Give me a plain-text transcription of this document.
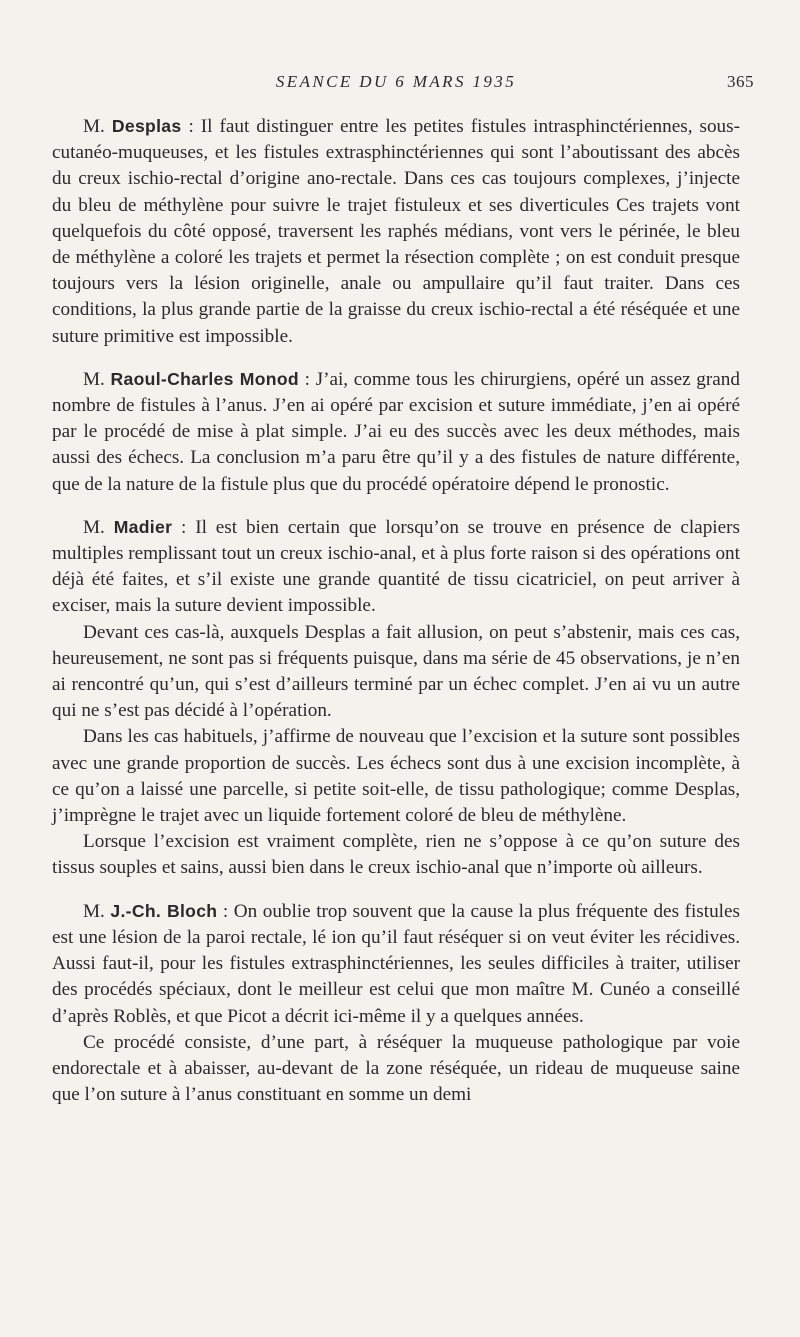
SEANCE DU 6 MARS 1935	365

M. Desplas : Il faut distinguer entre les petites fistules intrasphinctériennes, sous-cutanéo-muqueuses, et les fistules extrasphinctériennes qui sont l’aboutissant des abcès du creux ischio-rectal d’origine ano-rectale. Dans ces cas toujours complexes, j’injecte du bleu de méthylène pour suivre le trajet fistuleux et ses diverticules Ces trajets vont quelquefois du côté opposé, traversent les raphés médians, vont vers le périnée, le bleu de méthylène a coloré les trajets et permet la résection complète ; on est conduit presque toujours vers la lésion originelle, anale ou ampullaire qu’il faut traiter. Dans ces conditions, la plus grande partie de la graisse du creux ischio-rectal a été réséquée et une suture primitive est impossible.

M. Raoul-Charles Monod : J’ai, comme tous les chirurgiens, opéré un assez grand nombre de fistules à l’anus. J’en ai opéré par excision et suture immédiate, j’en ai opéré par le procédé de mise à plat simple. J’ai eu des succès avec les deux méthodes, mais aussi des échecs. La conclusion m’a paru être qu’il y a des fistules de nature différente, que de la nature de la fistule plus que du procédé opératoire dépend le pronostic.

M. Madier : Il est bien certain que lorsqu’on se trouve en présence de clapiers multiples remplissant tout un creux ischio-anal, et à plus forte raison si des opérations ont déjà été faites, et s’il existe une grande quantité de tissu cicatriciel, on peut arriver à exciser, mais la suture devient impossible.

Devant ces cas-là, auxquels Desplas a fait allusion, on peut s’abstenir, mais ces cas, heureusement, ne sont pas si fréquents puisque, dans ma série de 45 observations, je n’en ai rencontré qu’un, qui s’est d’ailleurs terminé par un échec complet. J’en ai vu un autre qui ne s’est pas décidé à l’opération.

Dans les cas habituels, j’affirme de nouveau que l’excision et la suture sont possibles avec une grande proportion de succès. Les échecs sont dus à une excision incomplète, à ce qu’on a laissé une parcelle, si petite soit-elle, de tissu pathologique; comme Desplas, j’imprègne le trajet avec un liquide fortement coloré de bleu de méthylène.

Lorsque l’excision est vraiment complète, rien ne s’oppose à ce qu’on suture des tissus souples et sains, aussi bien dans le creux ischio-anal que n’importe où ailleurs.

M. J.-Ch. Bloch : On oublie trop souvent que la cause la plus fréquente des fistules est une lésion de la paroi rectale, lé ion qu’il faut réséquer si on veut éviter les récidives. Aussi faut-il, pour les fistules extrasphinctériennes, les seules difficiles à traiter, utiliser des procédés spéciaux, dont le meilleur est celui que mon maître M. Cunéo a conseillé d’après Roblès, et que Picot a décrit ici-même il y a quelques années.

Ce procédé consiste, d’une part, à réséquer la muqueuse pathologique par voie endorectale et à abaisser, au-devant de la zone réséquée, un rideau de muqueuse saine que l’on suture à l’anus constituant en somme un demi
